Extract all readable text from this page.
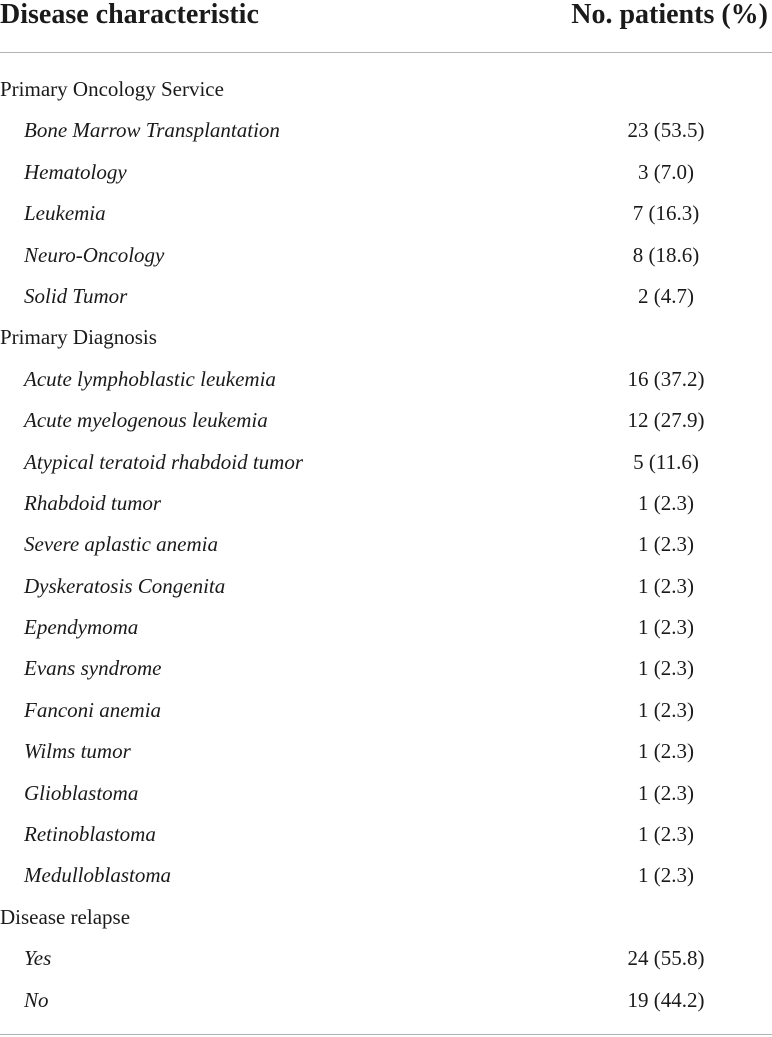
Disease characteristic	No. patients (%)
Primary Oncology Service
Bone Marrow Transplantation	23 (53.5)
Hematology	3 (7.0)
Leukemia	7 (16.3)
Neuro-Oncology	8 (18.6)
Solid Tumor	2 (4.7)
Primary Diagnosis
Acute lymphoblastic leukemia	16 (37.2)
Acute myelogenous leukemia	12 (27.9)
Atypical teratoid rhabdoid tumor	5 (11.6)
Rhabdoid tumor	1 (2.3)
Severe aplastic anemia	1 (2.3)
Dyskeratosis Congenita	1 (2.3)
Ependymoma	1 (2.3)
Evans syndrome	1 (2.3)
Fanconi anemia	1 (2.3)
Wilms tumor	1 (2.3)
Glioblastoma	1 (2.3)
Retinoblastoma	1 (2.3)
Medulloblastoma	1 (2.3)
Disease relapse
Yes	24 (55.8)
No	19 (44.2)
